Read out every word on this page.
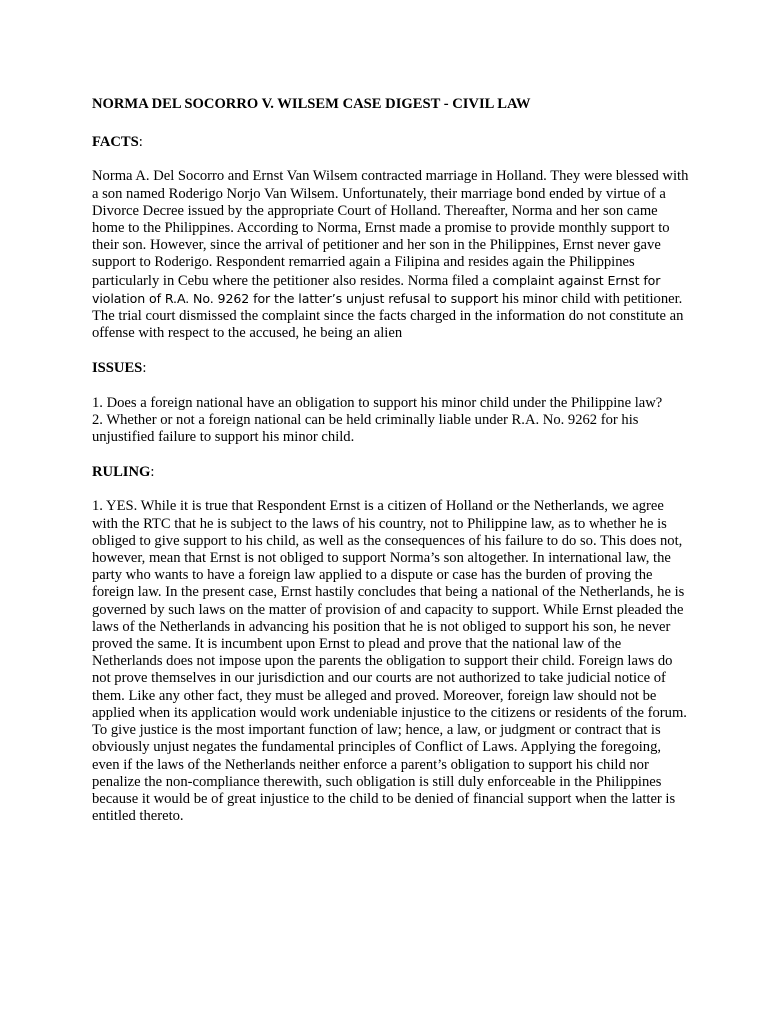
NORMA DEL SOCORRO V. WILSEM CASE DIGEST - CIVIL LAW
FACTS:
Norma A. Del Socorro and Ernst Van Wilsem contracted marriage in Holland. They were blessed with a son named Roderigo Norjo Van Wilsem. Unfortunately, their marriage bond ended by virtue of a Divorce Decree issued by the appropriate Court of Holland. Thereafter, Norma and her son came home to the Philippines. According to Norma, Ernst made a promise to provide monthly support to their son. However, since the arrival of petitioner and her son in the Philippines, Ernst never gave support to Roderigo. Respondent remarried again a Filipina and resides again the Philippines particularly in Cebu where the petitioner also resides. Norma filed a complaint against Ernst for violation of R.A. No. 9262 for the latter’s unjust refusal to support his minor child with petitioner. The trial court dismissed the complaint since the facts charged in the information do not constitute an offense with respect to the accused, he being an alien
ISSUES:
1. Does a foreign national have an obligation to support his minor child under the Philippine law?
2. Whether or not a foreign national can be held criminally liable under R.A. No. 9262 for his unjustified failure to support his minor child.
RULING:
1. YES. While it is true that Respondent Ernst is a citizen of Holland or the Netherlands, we agree with the RTC that he is subject to the laws of his country, not to Philippine law, as to whether he is obliged to give support to his child, as well as the consequences of his failure to do so. This does not, however, mean that Ernst is not obliged to support Norma’s son altogether. In international law, the party who wants to have a foreign law applied to a dispute or case has the burden of proving the foreign law. In the present case, Ernst hastily concludes that being a national of the Netherlands, he is governed by such laws on the matter of provision of and capacity to support. While Ernst pleaded the laws of the Netherlands in advancing his position that he is not obliged to support his son, he never proved the same. It is incumbent upon Ernst to plead and prove that the national law of the Netherlands does not impose upon the parents the obligation to support their child. Foreign laws do not prove themselves in our jurisdiction and our courts are not authorized to take judicial notice of them. Like any other fact, they must be alleged and proved. Moreover, foreign law should not be applied when its application would work undeniable injustice to the citizens or residents of the forum. To give justice is the most important function of law; hence, a law, or judgment or contract that is obviously unjust negates the fundamental principles of Conflict of Laws. Applying the foregoing, even if the laws of the Netherlands neither enforce a parent’s obligation to support his child nor penalize the non-compliance therewith, such obligation is still duly enforceable in the Philippines because it would be of great injustice to the child to be denied of financial support when the latter is entitled thereto.
